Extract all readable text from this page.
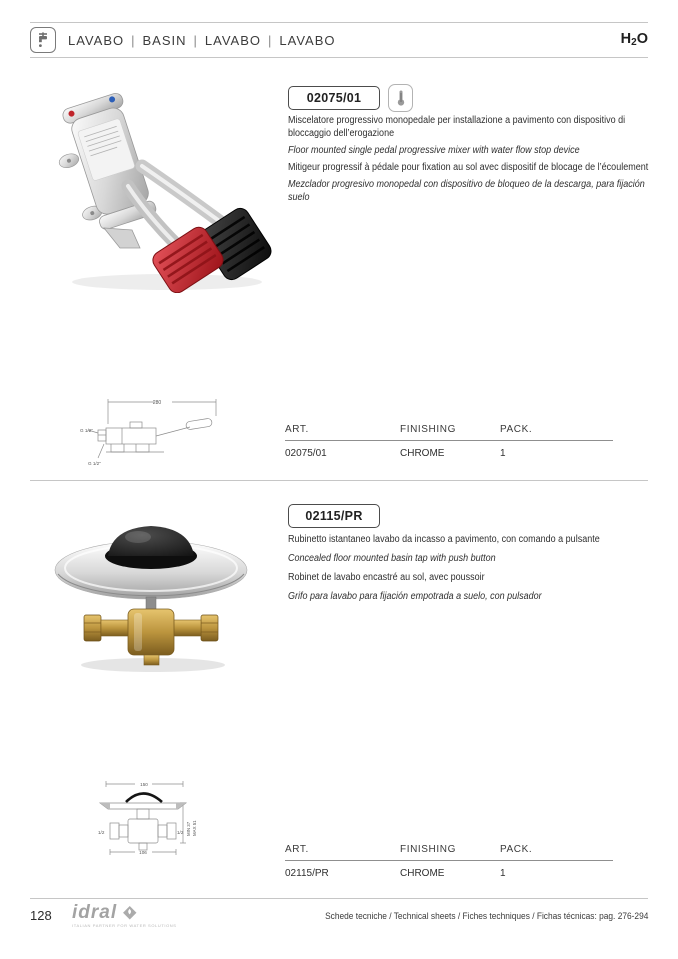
LAVABO | BASIN | LAVABO | LAVABO	$H_2O$
02075/01

Miscelatore progressivo monopedale per installazione a pavimento con dispositivo di bloccaggio dell’erogazione

Floor mounted single pedal progressive mixer with water flow stop device

Mitigeur progressif à pédale pour fixation au sol avec dispositif de blocage de l’écoulement

Mezclador progresivo monopedal con dispositivo de bloqueo de la descarga, para fijación suelo

280
G 1/2"
G 1/2"
ART.	FINISHING	PACK.
02075/01	CHROME	1
02115/PR

Rubinetto istantaneo lavabo da incasso a pavimento, con comando a pulsante

Concealed floor mounted basin tap with push button

Robinet de lavabo encastré au sol, avec poussoir

Grifo para lavabo para fijación empotrada a suelo, con pulsador

150
106
1/2	1/2 MIN 37 MAX 51
ART.	FINISHING	PACK.
02115/PR	CHROME	1
128 idral
ITALIAN PARTNER FOR WATER SOLUTIONS
Schede tecniche / Technical sheets / Fiches techniques / Fichas técnicas: pag. 276-294
